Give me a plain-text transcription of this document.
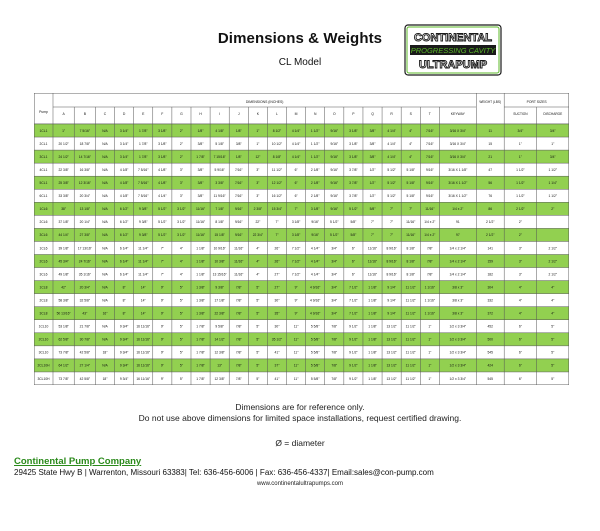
Dimensions & Weights
CL Model
CONTINENTAL
PROGRESSING CAVITY
ULTRAPUMP
Pump
DIMENSIONS (INCHES)	WEIGHT (LBS)	PORT SIZES
A	B	C	D	E	F	G	H	I	J	K	L	M	N	O	P	Q	R	S	T	KEYWAY	SUCTION	DISCHARGE
1CL1	1"	7 5/16"	N/A	3 1/4"	1 7/8"	3 1/8"	2"	1/8"	4 1/8"	1/8"	1"	8 1/2"	4 1/4"	1 1/2"	9/16"	3 1/8"	3/8"	4 1/4"	4"	7/16"	3/16 X 3/4"	11	3/4"	3/4"
2CL1	20 1/2"	18 7/8"	N/A	3 1/4"	1 7/8"	3 1/8"	2"	3/8"	5 1/8"	3/8"	1"	10 1/2"	4 1/4"	1 1/2"	9/16"	3 1/8"	3/8"	4 1/4"	4"	7/16"	3/16 X 3/4"	15	1"	1"
3CL1	24 1/2"	14 7/16"	N/A	3 1/4"	1 7/8"	3 1/8"	2"	1 7/8"	7 15/16"	1/8"	12"	8 1/8"	4 1/4"	1 1/2"	9/16"	3 1/8"	3/8"	4 1/4"	4"	7/16"	3/16 X 3/4"	21	1"	3/4"
4CL1	22 3/8"	16 3/8"	N/A	4 1/8"	7 5/16"	4 1/8"	3"	3/8"	5 9/16"	7/16"	3"	11 1/2"	6"	2 1/8"	9/16"	3 7/8"	1/2"	5 1/2"	5 1/8"	9/16"	3/16 X 1 1/8"	47	1 1/2"	1 1/2"
5CL1	25 3/8"	12 3/16"	N/A	4 1/8"	7 5/16"	4 1/8"	3"	3/8"	3 3/8"	7/16"	3"	12 1/2"	6"	2 1/8"	9/16"	3 7/8"	1/2"	5 1/2"	5 1/8"	9/16"	3/16 X 1 1/2"	56	1 1/2"	1 1/4"
6CL1	33 3/8"	20 3/4"	N/A	4 1/8"	7 5/16"	4 1/4"	3"	3/8"	11 9/16"	7/16"	3"	16 1/2"	6"	2 1/8"	9/16"	3 7/8"	1/2"	5 1/2"	5 1/8"	9/16"	3/16 X 1 1/2"	76	1 1/2"	1 1/2"
1CL6	38"	13 1/8"	N/A	6 1/2"	9 3/8"	5 1/2"	3 1/2"	11/16"	7 1/8"	9/16"	2 3/8"	15 3/4"	7"	3 1/8"	9/16"	5 1/2"	5/8"	7"	7"	11/16"	1/4 x 2"	86	2 1/2"	2"
2CL6	37 1/8"	20 1/4"	N/A	6 1/2"	9 3/8"	5 1/2"	3 1/2"	11/16"	8 1/8"	9/16"	22"	7"	3 1/8"	9/16"	5 1/2"	5/8"	7"	7"	11/16"	1/4 x 2"	91	2 1/2"	2"
3CL6	44 1/4"	27 3/8"	N/A	6 1/2"	9 3/8"	5 1/2"	3 1/2"	11/16"	15 1/8"	9/16"	22 3/4"	7"	3 1/8"	9/16"	5 1/2"	5/8"	7"	7"	11/16"	1/4 x 2"	97	2 1/2"	2"
1CL6	39 1/8"	17 13/16"	N/A	6 1/4"	11 1/4"	7"	4"	1 1/8"	10 9/16"	11/16"	4"	26"	7 1/2"	4 1/4"	3/4"	6"	11/16"	8 9/16"	8 1/8"	7/8"	1/4 x 2 1/4"	141	3"	2 1/2"
2CL6	45 3/4"	24 7/16"	N/A	6 1/4"	11 1/4"	7"	4"	1 1/8"	10 3/8"	11/16"	4"	26"	7 1/2"	4 1/4"	3/4"	6"	11/16"	8 9/16"	8 1/8"	7/8"	1/4 x 2 1/4"	159	3"	2 1/2"
3CL6	49 1/8"	35 1/16"	N/A	6 1/4"	11 1/4"	7"	4"	1 1/8" 13 15/16" 11/16"	4"	27"	7 1/2"	4 1/4"	3/4"	6"	11/16"	8 9/16"	8 1/8"	7/8"	1/4 x 2 1/4"	182	3"	2 1/2"
1CL8	42"	20 3/4"	N/A	8"	14"	9"	5"	1 3/8"	9 3/8"	7/8"	5"	27"	9"	4 9/16"	3/4"	7 1/2"	1 1/8"	9 1/4"	11 1/2"	1 1/16"	3/8 x 3"	304	4"	4"
2CL8	58 3/8"	32 5/8"	N/A	8"	14"	9"	5"	1 3/8"	17 1/8"	7/8"	5"	30"	9"	4 9/16"	3/4"	7 1/2"	1 1/8"	9 1/4"	11 1/2"	1 1/16"	3/8 x 3"	332	4"	4"
3CL8	50 13/16"	43"	16"	8"	14"	9"	5"	1 3/8"	22 3/8"	7/8"	5"	35"	9"	4 9/16"	3/4"	7 1/2"	1 1/8"	9 1/4"	11 1/2"	1 1/16"	3/8 x 3"	372	4"	4"
1CL10	53 1/8"	21 7/8"	N/A	9 3/4" 16 11/16"	9"	5"	1 7/8"	9 5/8"	7/8"	5"	30"	11"	5 5/8"	7/8"	9 1/2"	1 1/8"	13 1/2"	11 1/2"	1"	1/2 x 3 3/4"	452	6"	5"
2CL10	62 5/8"	30 7/8"	N/A	9 3/4" 16 11/16"	9"	5"	1 7/8"	14 1/2"	7/8"	5"	35 1/2"	11"	5 5/8"	7/8"	9 1/2"	1 1/8"	13 1/2"	11 1/2"	1"	1/2 x 3 3/4"	500	6"	5"
3CL10	73 7/8"	42 5/8"	18"	9 3/4" 16 11/16"	9"	5"	1 7/8"	12 3/8"	7/8"	5"	41"	11"	5 5/8"	7/8"	9 1/2"	1 1/8"	13 1/2"	11 1/2"	1"	1/2 x 3 3/4"	545	6"	5"
2CL10H	64 1/2"	27 1/4"	N/A	9 3/4" 16 11/16"	9"	5"	1 7/8"	13"	7/8"	5"	37"	11"	5 5/8"	7/8"	9 1/2"	1 1/8"	13 1/2"	11 1/2"	1"	1/2 x 3 3/4"	424	6"	5"
3CL10H	73 7/8"	42 5/8"	18"	9 3/4" 16 11/16"	9"	5"	1 7/8"	12 3/8"	7/8"	5"	41"	11"	5 5/8"	7/8"	9 1/2"	1 1/8"	13 1/2"	11 1/2"	1"	1/2 x 3 3/4"	545	6"	5"
Dimensions are for reference only.
Do not use above dimensions for limited space installations, request certified drawing.
Ø = diameter
Continental Pump Company
29425 State Hwy B | Warrenton, Missouri 63383| Tel: 636-456-6006 | Fax: 636-456-4337| Email:sales@con-pump.com
www.continentalultrapumps.com
